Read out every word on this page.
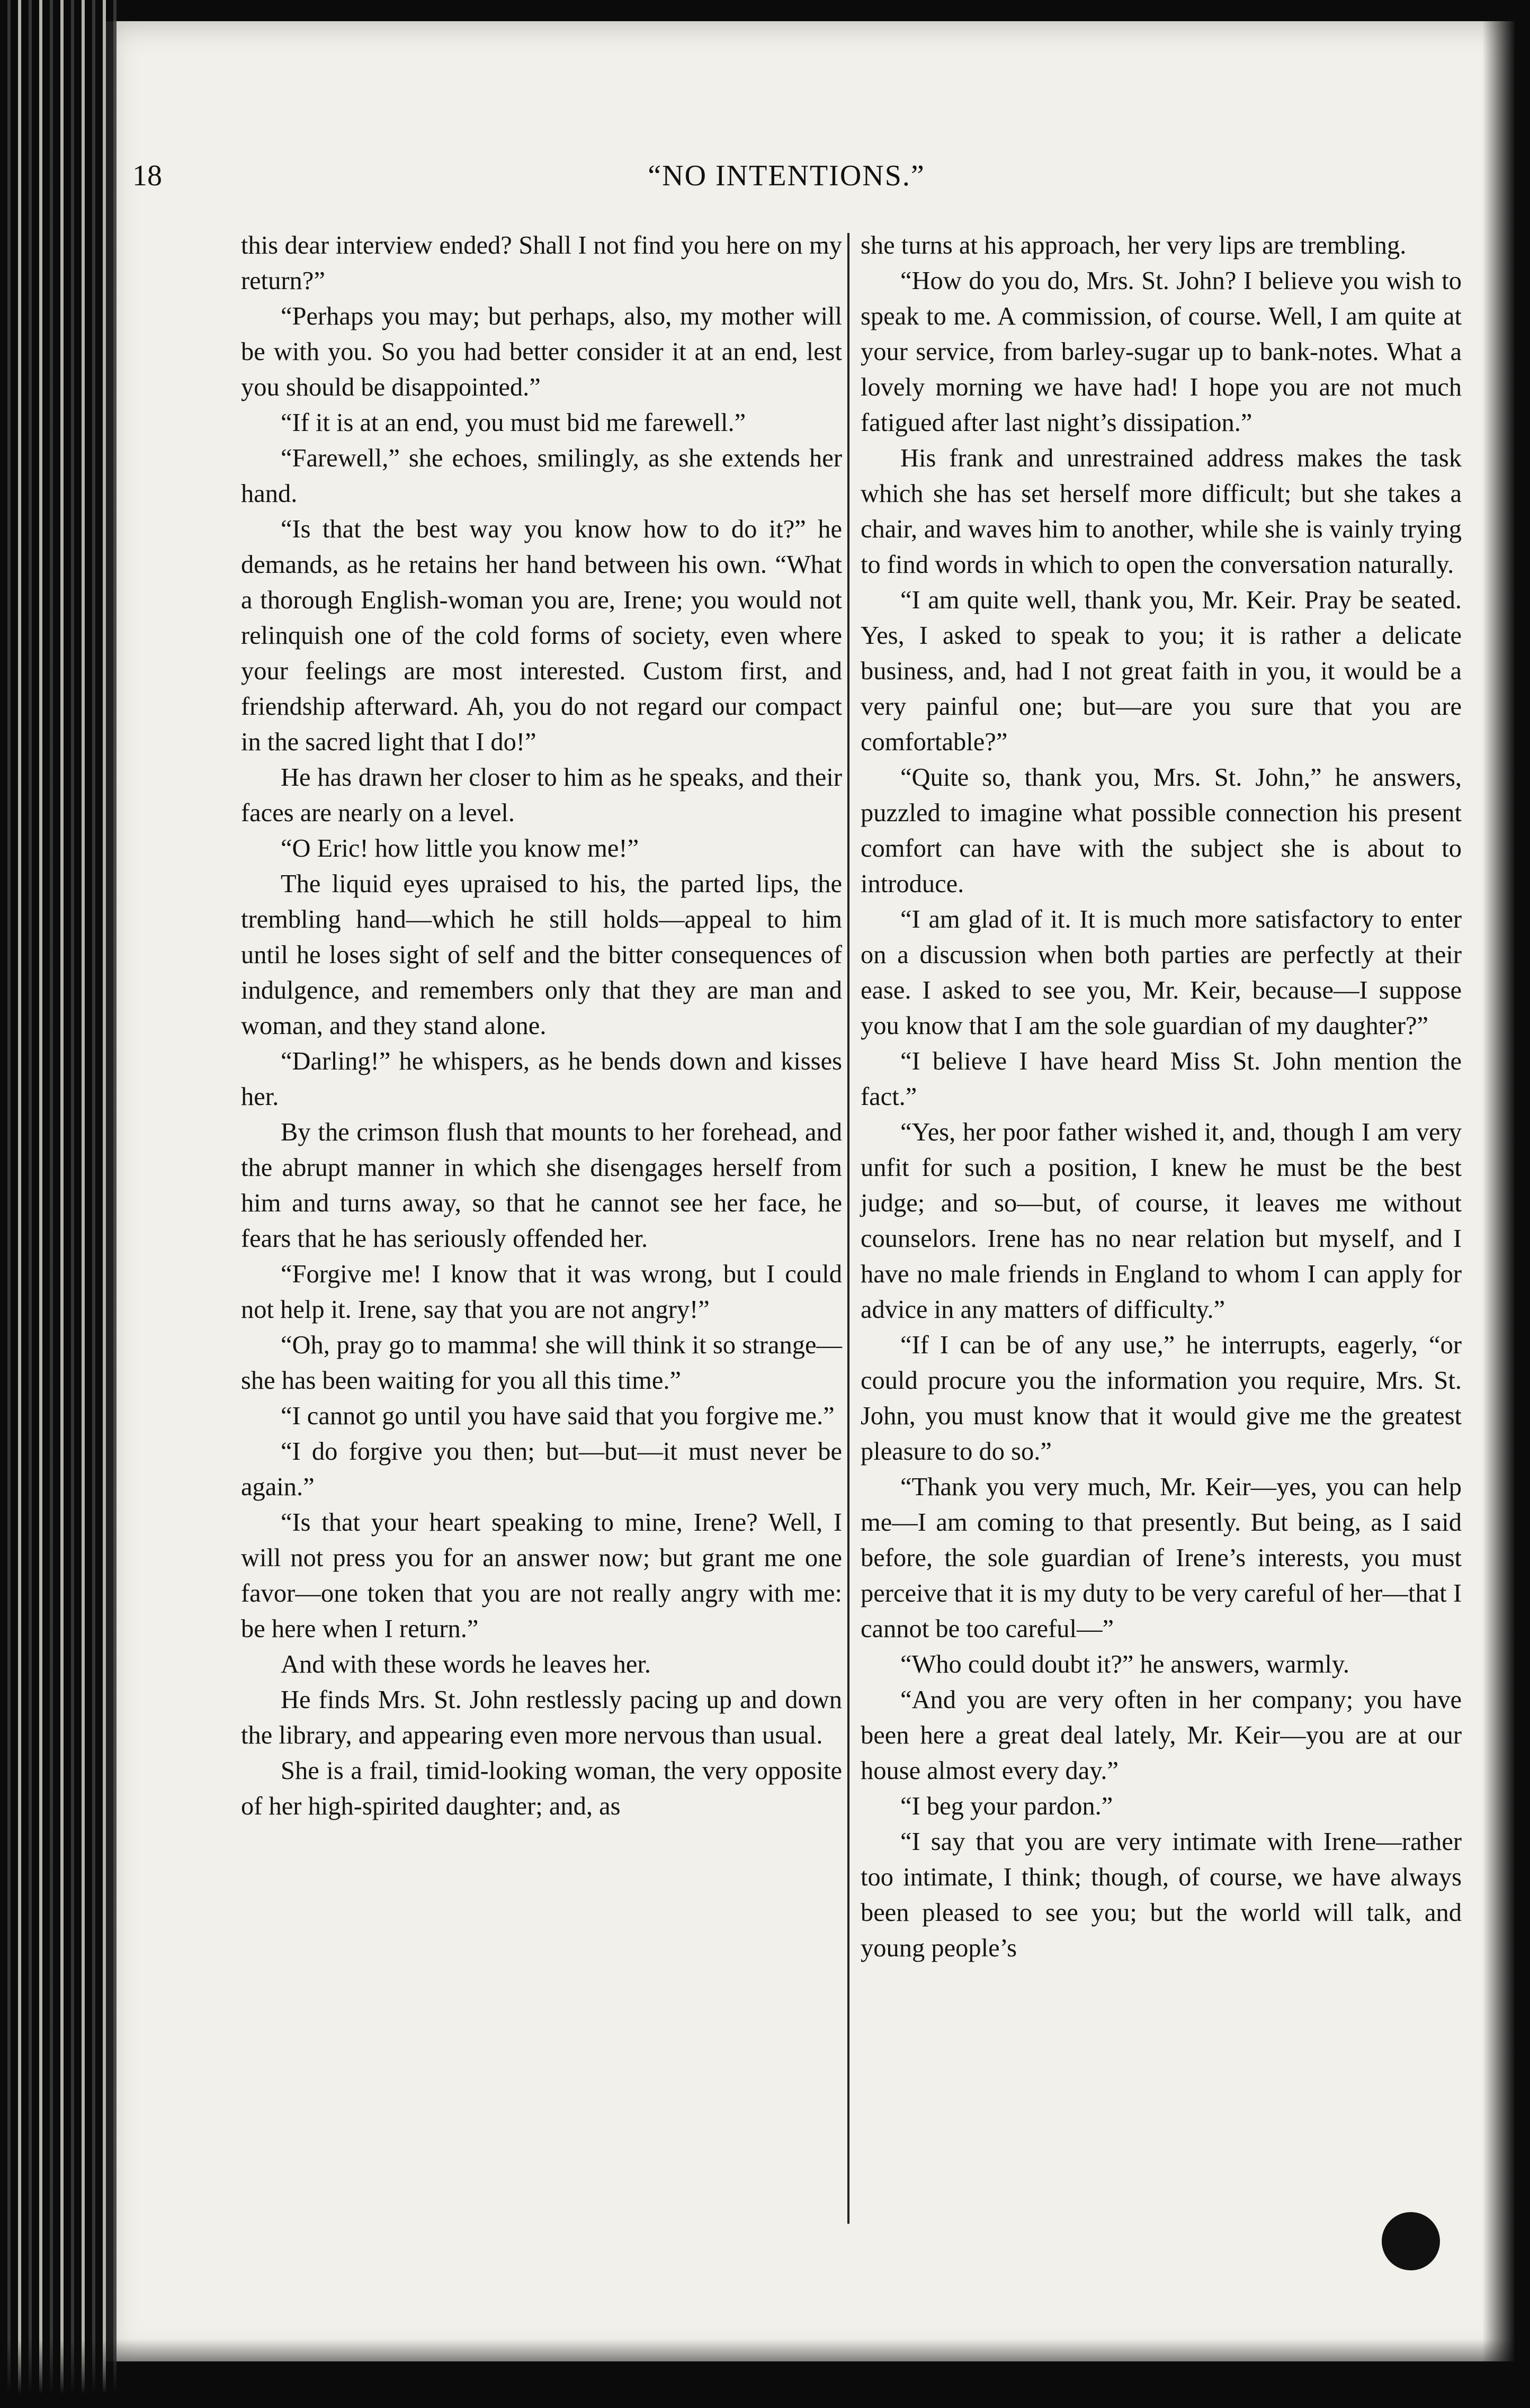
18	“NO INTENTIONS.”

this dear interview ended? Shall I not find you here on my return?”

“Perhaps you may; but perhaps, also, my mother will be with you. So you had better consider it at an end, lest you should be disappointed.”

“If it is at an end, you must bid me farewell.”

“Farewell,” she echoes, smilingly, as she extends her hand.

“Is that the best way you know how to do it?” he demands, as he retains her hand between his own. “What a thorough English-woman you are, Irene; you would not relinquish one of the cold forms of society, even where your feelings are most interested. Custom first, and friendship afterward. Ah, you do not regard our compact in the sacred light that I do!”

He has drawn her closer to him as he speaks, and their faces are nearly on a level.

“O Eric! how little you know me!”

The liquid eyes upraised to his, the parted lips, the trembling hand—which he still holds—appeal to him until he loses sight of self and the bitter consequences of indulgence, and remembers only that they are man and woman, and they stand alone.

“Darling!” he whispers, as he bends down and kisses her.

By the crimson flush that mounts to her forehead, and the abrupt manner in which she disengages herself from him and turns away, so that he cannot see her face, he fears that he has seriously offended her.

“Forgive me! I know that it was wrong, but I could not help it. Irene, say that you are not angry!”

“Oh, pray go to mamma! she will think it so strange—she has been waiting for you all this time.”

“I cannot go until you have said that you forgive me.”

“I do forgive you then; but—but—it must never be again.”

“Is that your heart speaking to mine, Irene? Well, I will not press you for an answer now; but grant me one favor—one token that you are not really angry with me: be here when I return.”

And with these words he leaves her.

He finds Mrs. St. John restlessly pacing up and down the library, and appearing even more nervous than usual.

She is a frail, timid-looking woman, the very opposite of her high-spirited daughter; and, as

she turns at his approach, her very lips are trembling.

“How do you do, Mrs. St. John? I believe you wish to speak to me. A commission, of course. Well, I am quite at your service, from barley-sugar up to bank-notes. What a lovely morning we have had! I hope you are not much fatigued after last night’s dissipation.”

His frank and unrestrained address makes the task which she has set herself more difficult; but she takes a chair, and waves him to another, while she is vainly trying to find words in which to open the conversation naturally.

“I am quite well, thank you, Mr. Keir. Pray be seated. Yes, I asked to speak to you; it is rather a delicate business, and, had I not great faith in you, it would be a very painful one; but—are you sure that you are comfortable?”

“Quite so, thank you, Mrs. St. John,” he answers, puzzled to imagine what possible connection his present comfort can have with the subject she is about to introduce.

“I am glad of it. It is much more satisfactory to enter on a discussion when both parties are perfectly at their ease. I asked to see you, Mr. Keir, because—I suppose you know that I am the sole guardian of my daughter?”

“I believe I have heard Miss St. John mention the fact.”

“Yes, her poor father wished it, and, though I am very unfit for such a position, I knew he must be the best judge; and so—but, of course, it leaves me without counselors. Irene has no near relation but myself, and I have no male friends in England to whom I can apply for advice in any matters of difficulty.”

“If I can be of any use,” he interrupts, eagerly, “or could procure you the information you require, Mrs. St. John, you must know that it would give me the greatest pleasure to do so.”

“Thank you very much, Mr. Keir—yes, you can help me—I am coming to that presently. But being, as I said before, the sole guardian of Irene’s interests, you must perceive that it is my duty to be very careful of her—that I cannot be too careful—”

“Who could doubt it?” he answers, warmly.

“And you are very often in her company; you have been here a great deal lately, Mr. Keir—you are at our house almost every day.”

“I beg your pardon.”

“I say that you are very intimate with Irene—rather too intimate, I think; though, of course, we have always been pleased to see you; but the world will talk, and young people’s
